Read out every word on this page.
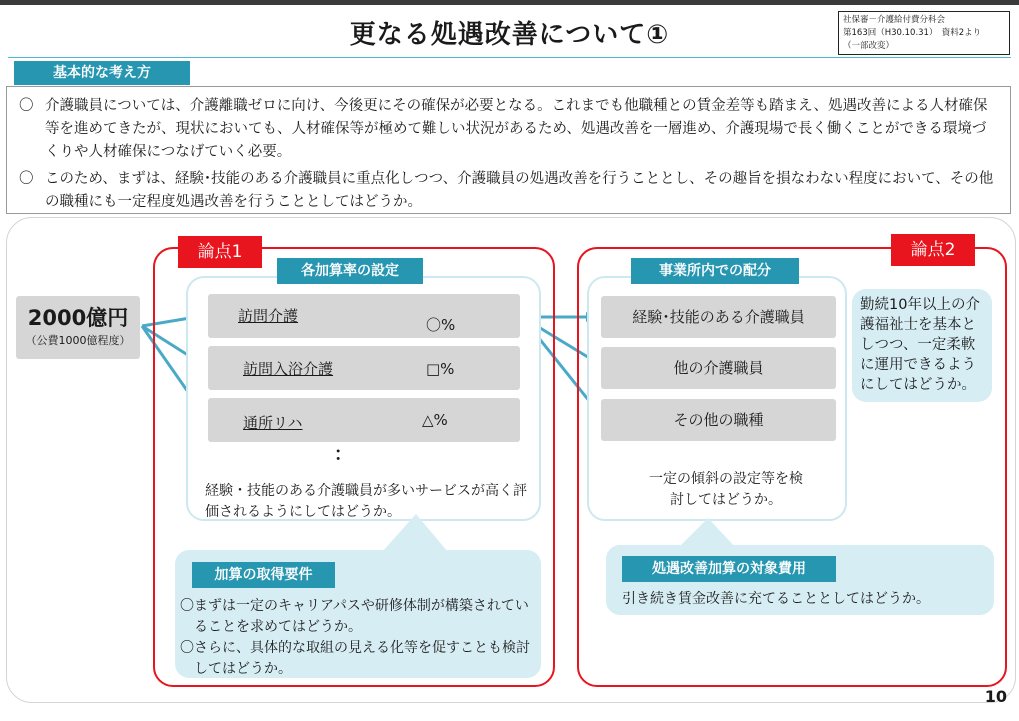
更なる処遇改善について①	社保審－介護給付費分科会
第163回（H30.10.31）　資料2より
（一部改変）
基本的な考え方
〇 介護職員については、介護離職ゼロに向け、今後更にその確保が必要となる。これまでも他職種との賃金差等も踏まえ、処遇改善による人材確保等を進めてきたが、現状においても、人材確保等が極めて難しい状況があるため、処遇改善を一層進め、介護現場で長く働くことができる環境づくりや人材確保につなげていく必要。
〇 このため、まずは、経験･技能のある介護職員に重点化しつつ、介護職員の処遇改善を行うこととし、その趣旨を損なわない程度において、その他の職種にも一定程度処遇改善を行うこととしてはどうか。
2000億円
（公費1000億程度）
論点1
各加算率の設定
訪問介護	〇%
訪問入浴介護	□%
通所リハ	△%
：
経験・技能のある介護職員が多いサービスが高く評価されるようにしてはどうか。
加算の取得要件
〇 まずは一定のキャリアパスや研修体制が構築されていることを求めてはどうか。
〇 さらに、具体的な取組の見える化等を促すことも検討してはどうか。
論点2
事業所内での配分
経験･技能のある介護職員
他の介護職員
その他の職種
一定の傾斜の設定等を検討してはどうか。
勤続10年以上の介護福祉士を基本としつつ、一定柔軟に運用できるようにしてはどうか。
処遇改善加算の対象費用
引き続き賃金改善に充てることとしてはどうか。
10
